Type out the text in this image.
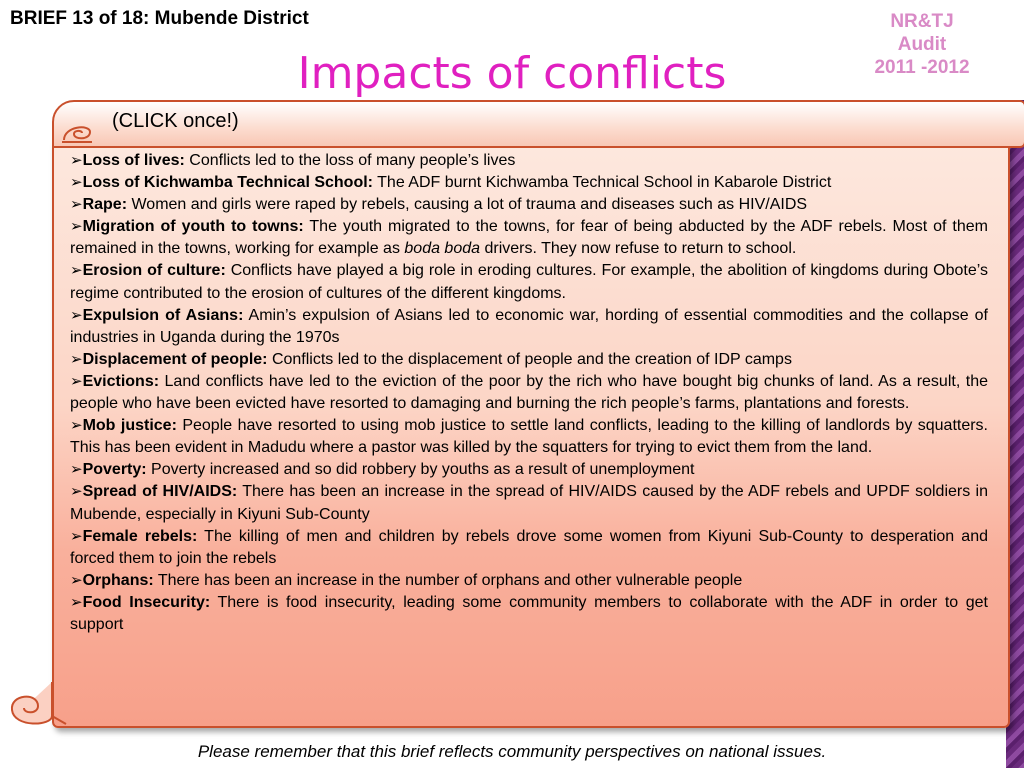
BRIEF 13 of 18: Mubende District	NR&TJ
Audit
2011 -2012
Impacts of conflicts
(CLICK once!)

➢Loss of lives: Conflicts led to the loss of many people’s lives

➢Loss of Kichwamba Technical School: The ADF burnt Kichwamba Technical School in Kabarole District

➢Rape: Women and girls were raped by rebels, causing a lot of trauma and diseases such as HIV/AIDS

➢Migration of youth to towns: The youth migrated to the towns, for fear of being abducted by the ADF rebels. Most of them remained in the towns, working for example as boda boda drivers. They now refuse to return to school.

➢Erosion of culture: Conflicts have played a big role in eroding cultures. For example, the abolition of kingdoms during Obote’s regime contributed to the erosion of cultures of the different kingdoms.

➢Expulsion of Asians: Amin’s expulsion of Asians led to economic war, hording of essential commodities and the collapse of industries in Uganda during the 1970s

➢Displacement of people: Conflicts led to the displacement of people and the creation of IDP camps

➢Evictions: Land conflicts have led to the eviction of the poor by the rich who have bought big chunks of land. As a result, the people who have been evicted have resorted to damaging and burning the rich people’s farms, plantations and forests.

➢Mob justice: People have resorted to using mob justice to settle land conflicts, leading to the killing of landlords by squatters. This has been evident in Madudu where a pastor was killed by the squatters for trying to evict them from the land.

➢Poverty: Poverty increased and so did robbery by youths as a result of unemployment

➢Spread of HIV/AIDS: There has been an increase in the spread of HIV/AIDS caused by the ADF rebels and UPDF soldiers in Mubende, especially in Kiyuni Sub-County

➢Female rebels: The killing of men and children by rebels drove some women from Kiyuni Sub-County to desperation and forced them to join the rebels

➢Orphans: There has been an increase in the number of orphans and other vulnerable people

➢Food Insecurity: There is food insecurity, leading some community members to collaborate with the ADF in order to get support

Please remember that this brief reflects community perspectives on national issues.
